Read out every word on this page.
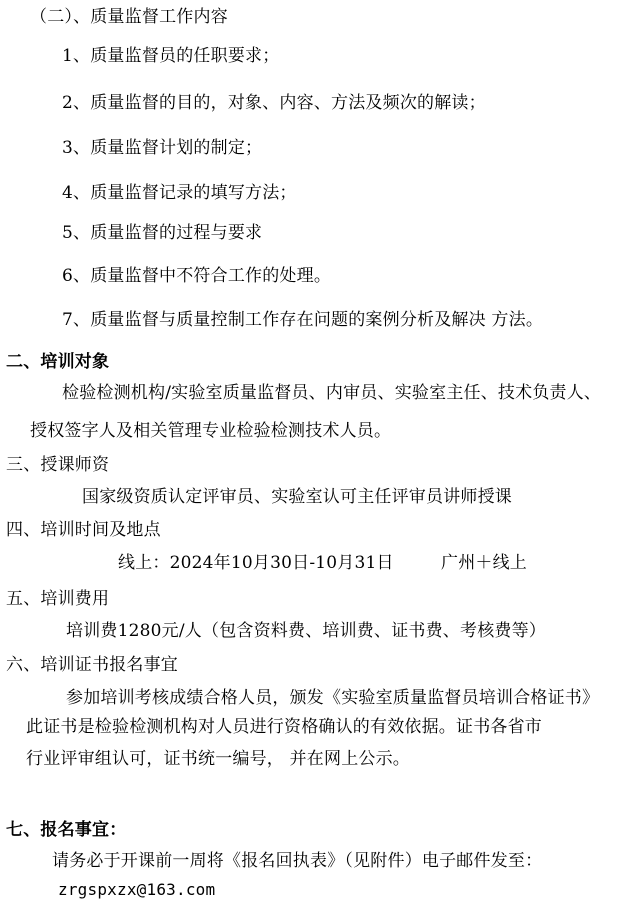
（二）、质量监督工作内容
1、质量监督员的任职要求；
2、质量监督的目的，对象、内容、方法及频次的解读；
3、质量监督计划的制定；
4、质量监督记录的填写方法；
5、质量监督的过程与要求
6、质量监督中不符合工作的处理。
7、质量监督与质量控制工作存在问题的案例分析及解决 方法。
二、培训对象
检验检测机构/实验室质量监督员、内审员、实验室主任、技术负责人、
授权签字人及相关管理专业检验检测技术人员。
三、授课师资
国家级资质认定评审员、实验室认可主任评审员讲师授课
四、培训时间及地点
线上：2024年10月30日-10月31日	广州＋线上
五、培训费用
培训费1280元/人（包含资料费、培训费、证书费、考核费等）
六、培训证书报名事宜
参加培训考核成绩合格人员，颁发《实验室质量监督员培训合格证书》
此证书是检验检测机构对人员进行资格确认的有效依据。证书各省市
行业评审组认可，证书统一编号， 并在网上公示。
七、报名事宜：
请务必于开课前一周将《报名回执表》（见附件）电子邮件发至：
zrgspxzx@163.com
